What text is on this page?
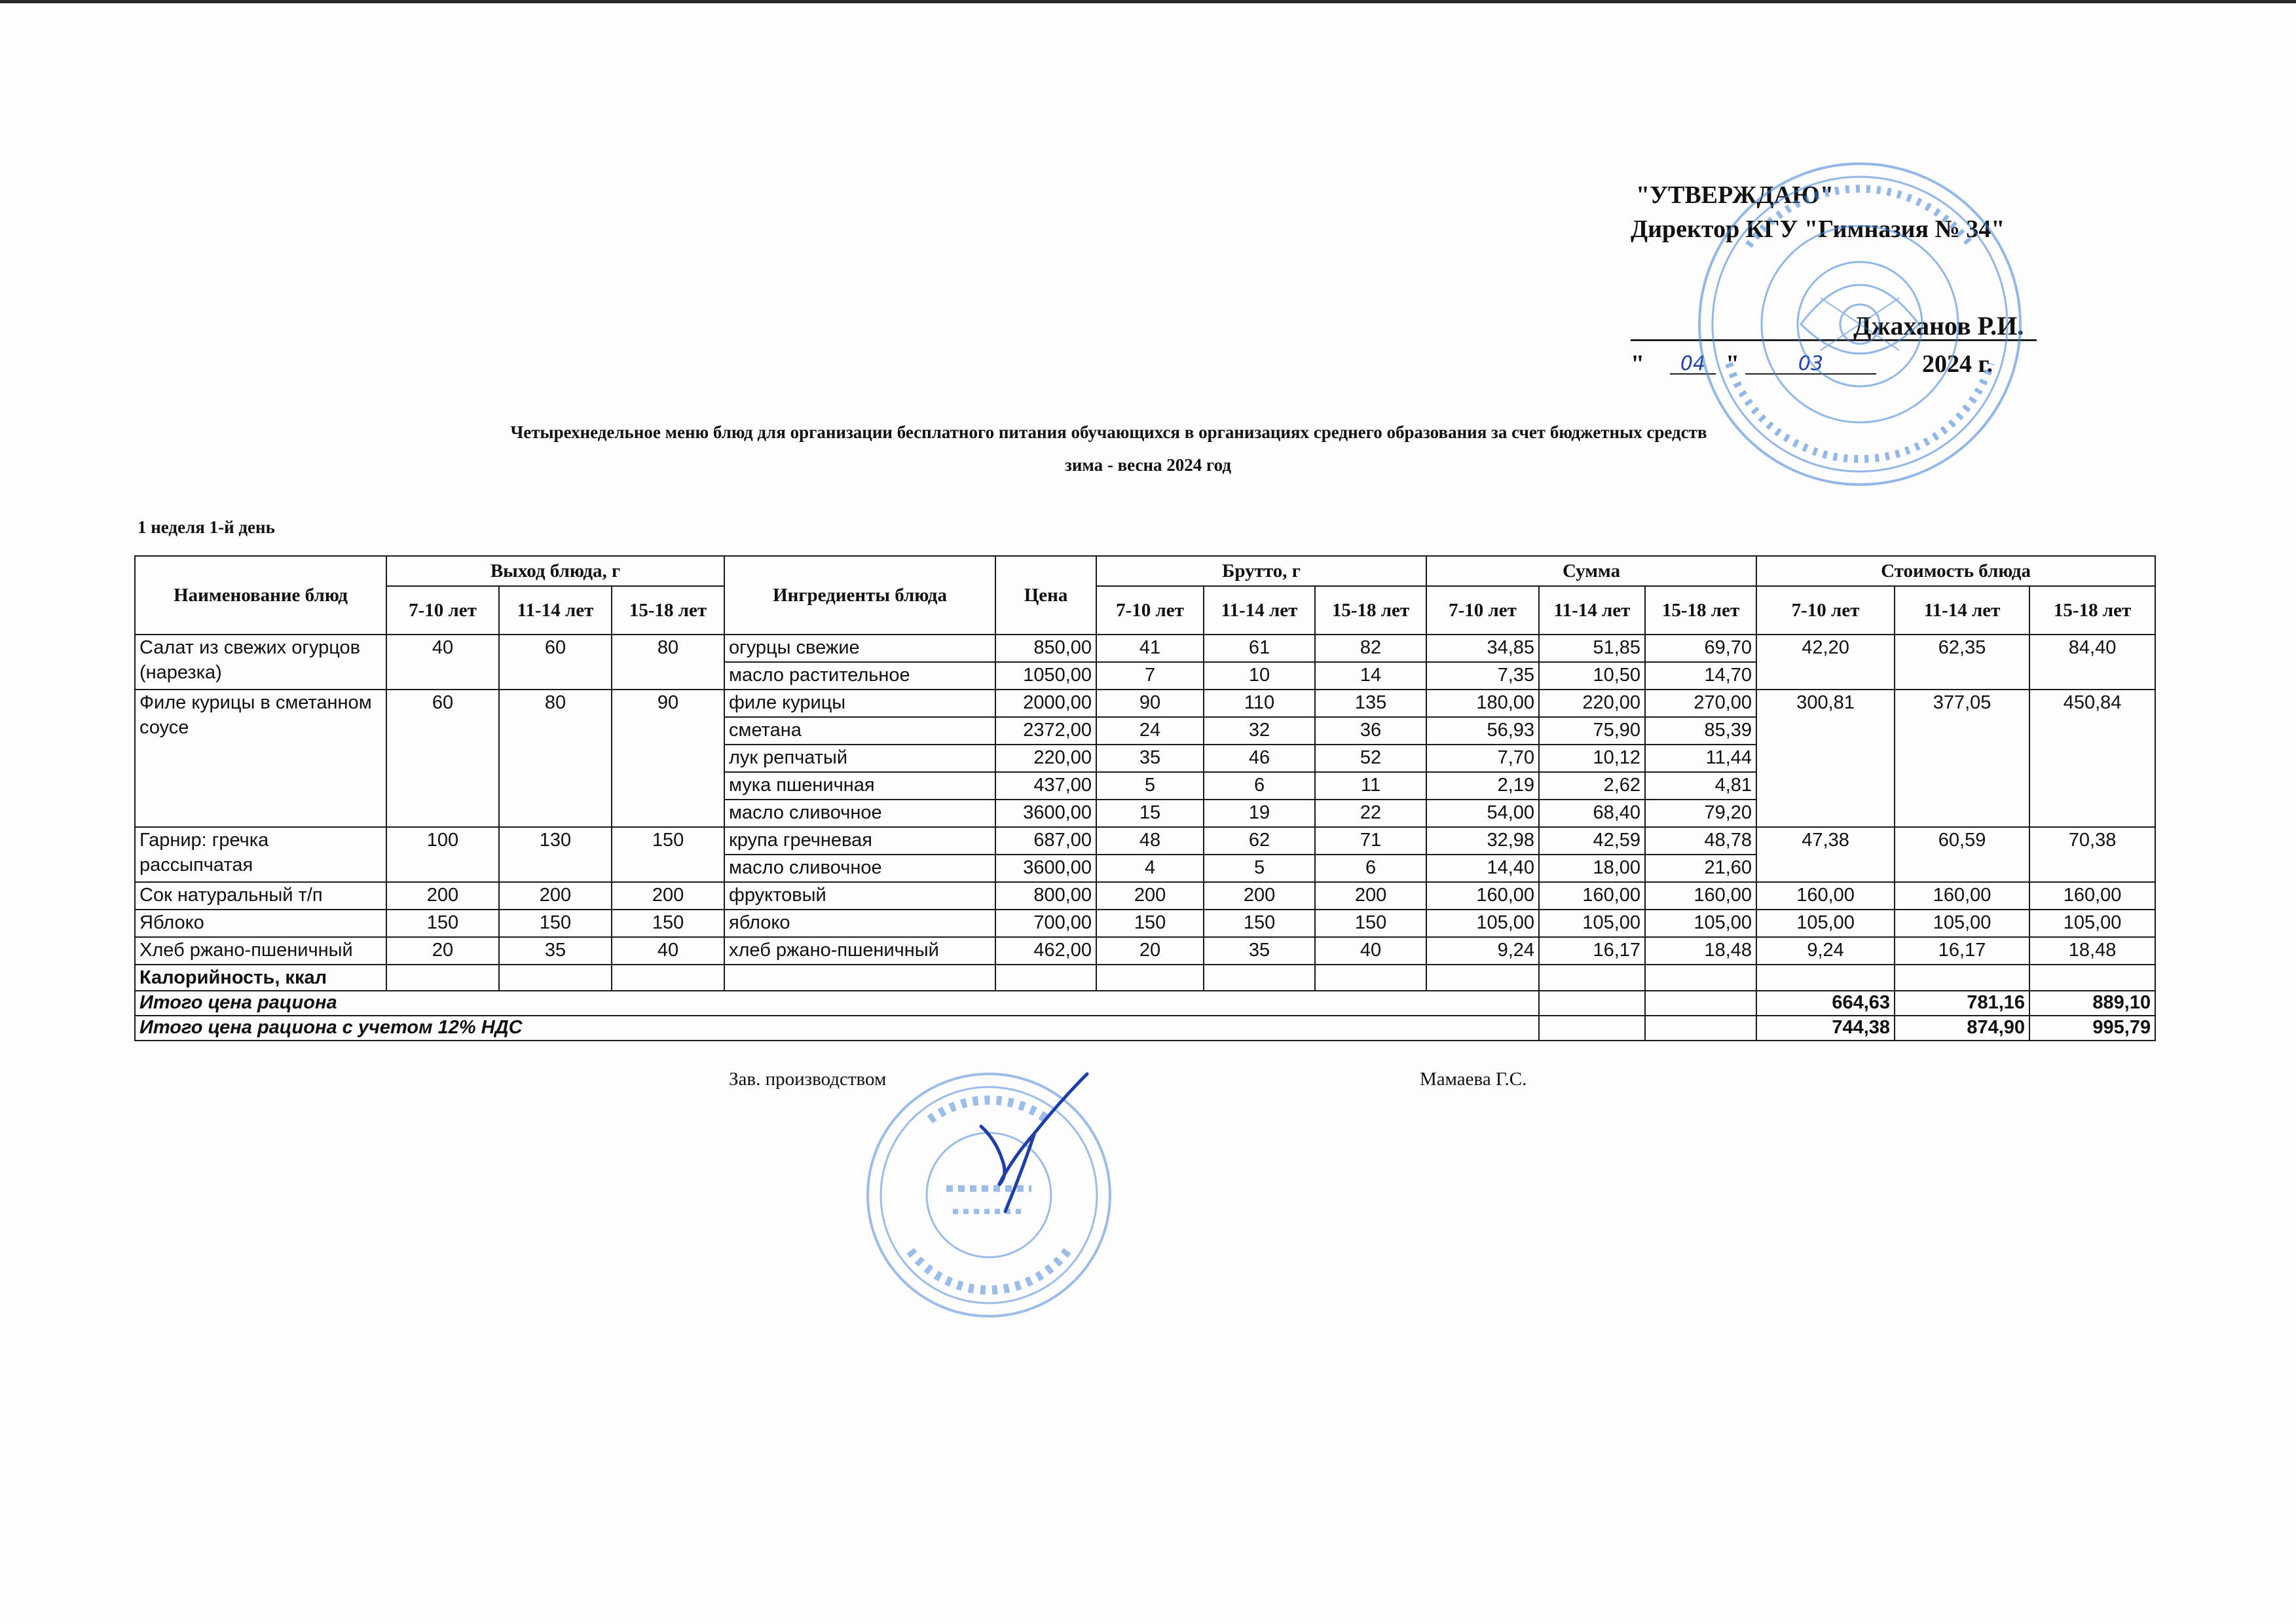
"УТВЕРЖДАЮ"
Директор КГУ "Гимназия № 34"
Джаханов Р.И.
"	04 "	03	2024 г.
Четырехнедельное меню блюд для организации бесплатного питания обучающихся в организациях среднего образования за счет бюджетных средств
зима - весна 2024 год
1 неделя 1-й день
Наименование блюд	Выход блюда, г			Ингредиенты блюда	Цена	Брутто, г			Сумма			Стоимость блюда		
	7-10 лет	11-14 лет	15-18 лет			7-10 лет	11-14 лет	15-18 лет	7-10 лет	11-14 лет	15-18 лет	7-10 лет	11-14 лет	15-18 лет
Салат из свежих огурцов (нарезка)	40	60	80	огурцы свежие	850,00	41	61	82	34,85	51,85	69,70	42,20	62,35	84,40
				масло растительное	1050,00	7	10	14	7,35	10,50	14,70			
Филе курицы в сметанном соусе	60	80	90	филе курицы	2000,00	90	110	135	180,00	220,00	270,00	300,81	377,05	450,84
				сметана	2372,00	24	32	36	56,93	75,90	85,39			
				лук репчатый	220,00	35	46	52	7,70	10,12	11,44			
				мука пшеничная	437,00	5	6	11	2,19	2,62	4,81			
				масло сливочное	3600,00	15	19	22	54,00	68,40	79,20			
Гарнир: гречка рассыпчатая	100	130	150	крупа гречневая	687,00	48	62	71	32,98	42,59	48,78	47,38	60,59	70,38
				масло сливочное	3600,00	4	5	6	14,40	18,00	21,60			
Сок натуральный т/п	200	200	200	фруктовый	800,00	200	200	200	160,00	160,00	160,00	160,00	160,00	160,00
Яблоко	150	150	150	яблоко	700,00	150	150	150	105,00	105,00	105,00	105,00	105,00	105,00
Хлеб ржано-пшеничный	20	35	40	хлеб ржано-пшеничный	462,00	20	35	40	9,24	16,17	18,48	9,24	16,17	18,48
Калорийность, ккал														
Итого цена рациона												664,63	781,16	889,10
Итого цена рациона с учетом 12% НДС												744,38	874,90	995,79
Зав. производством	Мамаева Г.С.
